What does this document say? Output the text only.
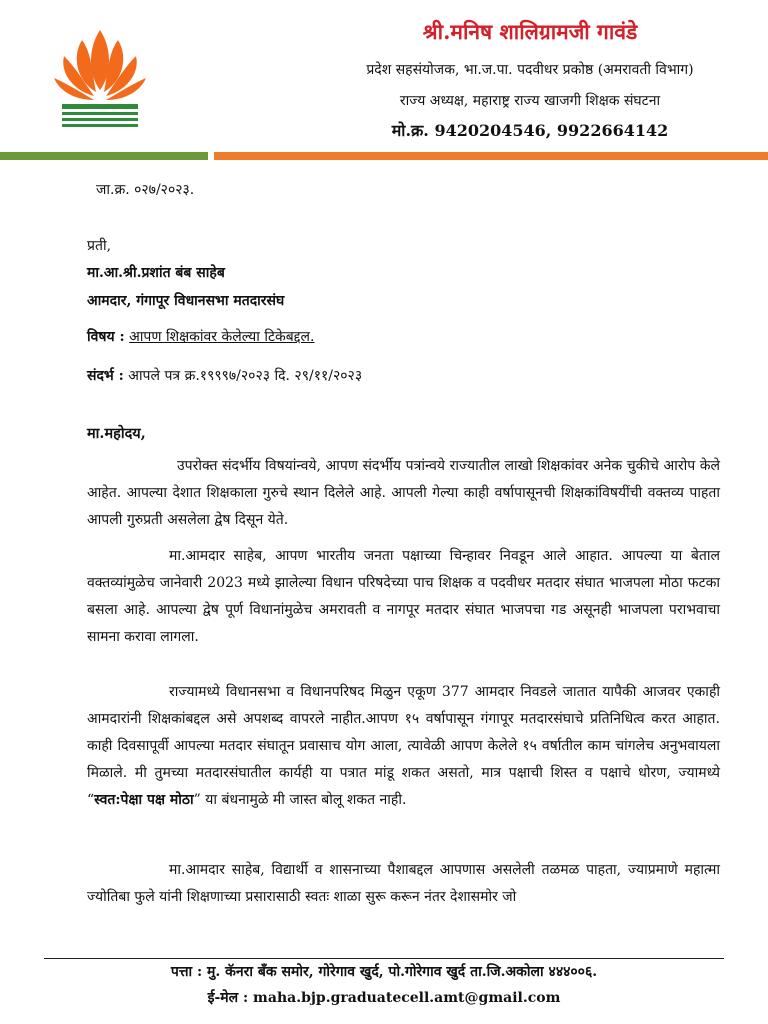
श्री.मनिष शालिग्रामजी गावंडे
प्रदेश सहसंयोजक, भा.ज.पा. पदवीधर प्रकोष्ठ (अमरावती विभाग)
राज्य अध्यक्ष, महाराष्ट्र राज्य खाजगी शिक्षक संघटना
मो.क्र. 9420204546, 9922664142
जा.क्र. ०२७/२०२३.
प्रती,
मा.आ.श्री.प्रशांत बंब साहेब
आमदार, गंगापूर विधानसभा मतदारसंघ
विषय : आपण शिक्षकांवर केलेल्या टिकेबद्दल.
संदर्भ : आपले पत्र क्र.१९९९७/२०२३ दि. २९/११/२०२३
मा.महोदय,
उपरोक्त संदर्भीय विषयांन्वये, आपण संदर्भीय पत्रांन्वये राज्यातील लाखो शिक्षकांवर अनेक चुकीचे आरोप केले आहेत. आपल्या देशात शिक्षकाला गुरुचे स्थान दिलेले आहे. आपली गेल्या काही वर्षापासूनची शिक्षकांविषयींची वक्तव्य पाहता आपली गुरुप्रती असलेला द्वेष दिसून येते.
मा.आमदार साहेब, आपण भारतीय जनता पक्षाच्या चिन्हावर निवडून आले आहात. आपल्या या बेताल वक्तव्यांमुळेच जानेवारी 2023 मध्ये झालेल्या विधान परिषदेच्या पाच शिक्षक व पदवीधर मतदार संघात भाजपला मोठा फटका बसला आहे. आपल्या द्वेष पूर्ण विधानांमुळेच अमरावती व नागपूर मतदार संघात भाजपचा गड असूनही भाजपला पराभवाचा सामना करावा लागला.
राज्यामध्ये विधानसभा व विधानपरिषद मिळुन एकूण 377 आमदार निवडले जातात यापैकी आजवर एकाही आमदारांनी शिक्षकांबद्दल असे अपशब्द वापरले नाहीत.आपण १५ वर्षापासून गंगापूर मतदारसंघाचे प्रतिनिधित्व करत आहात. काही दिवसापूर्वी आपल्या मतदार संघातून प्रवासाच योग आला, त्यावेळी आपण केलेले १५ वर्षातील काम चांगलेच अनुभवायला मिळाले. मी तुमच्या मतदारसंघातील कार्यही या पत्रात मांडू शकत असतो, मात्र पक्षाची शिस्त व पक्षाचे धोरण, ज्यामध्ये “स्वत:पेक्षा पक्ष मोठा” या बंधनामुळे मी जास्त बोलू शकत नाही.
मा.आमदार साहेब, विद्यार्थी व शासनाच्या पैशाबद्दल आपणास असलेली तळमळ पाहता, ज्याप्रमाणे महात्मा ज्योतिबा फुले यांनी शिक्षणाच्या प्रसारासाठी स्वतः शाळा सुरू करून नंतर देशासमोर जो
पत्ता : मु. कॅनरा बँक समोर, गोरेगाव खुर्द, पो.गोरेगाव खुर्द ता.जि.अकोला ४४४००६.
ई-मेल : maha.bjp.graduatecell.amt@gmail.com
